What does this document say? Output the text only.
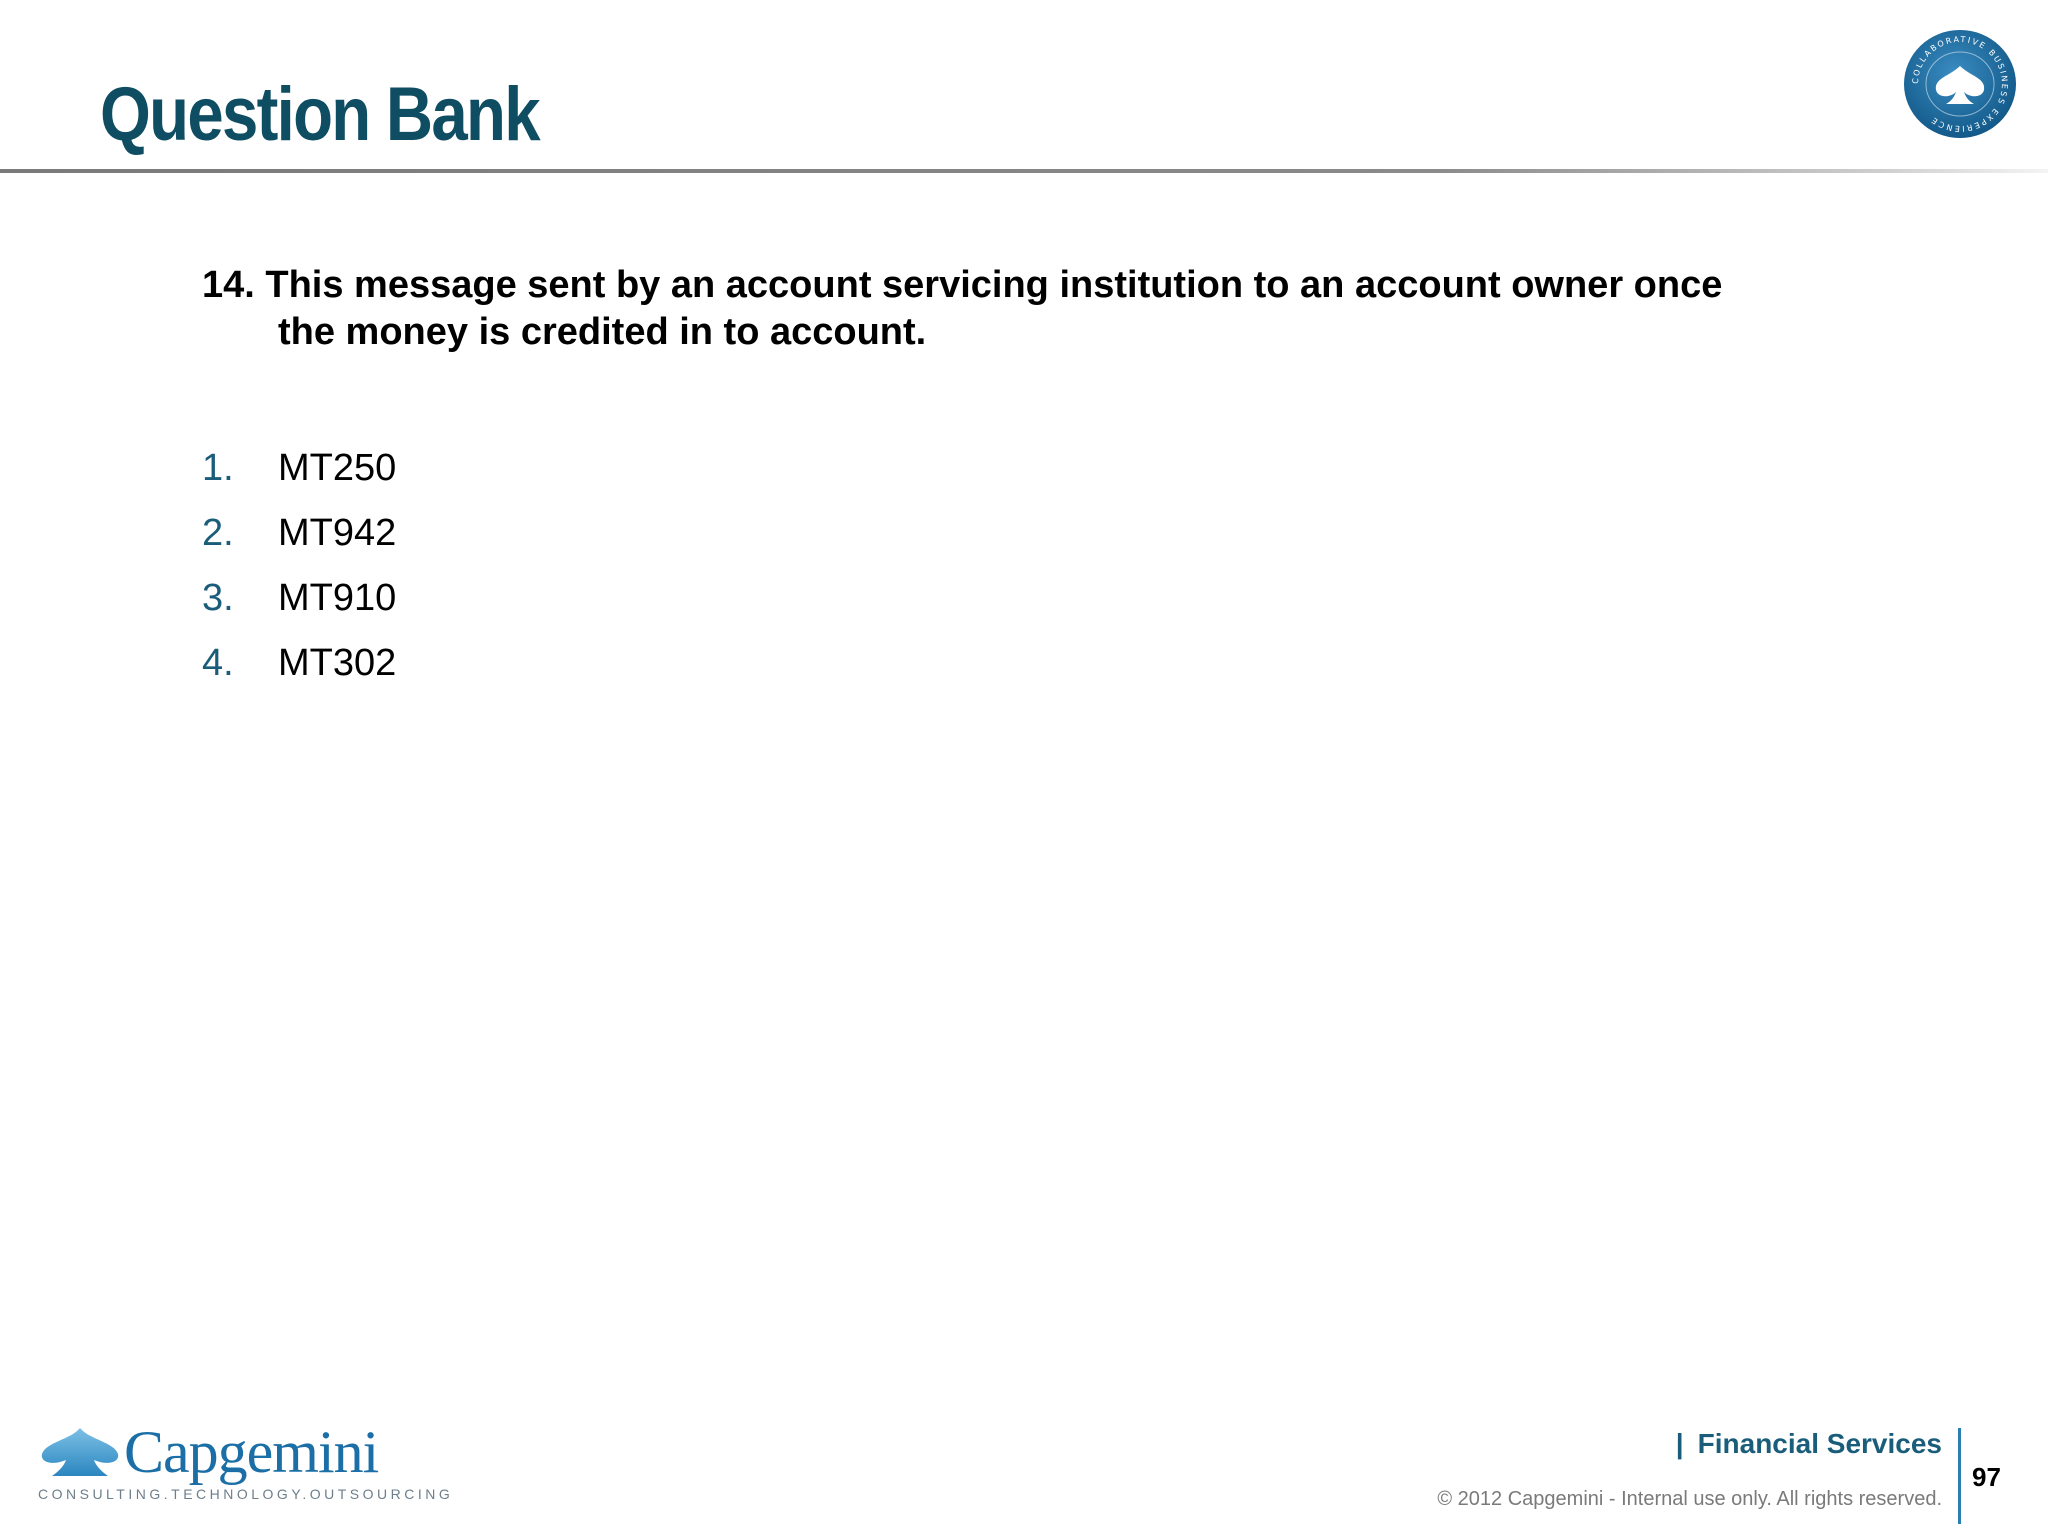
Question Bank	COLLABORATIVE BUSINESS EXPERIENCE
14. This message sent by an account servicing institution to an account owner once
the money is credited in to account.
1.	MT250
2.	MT942
3.	MT910
4.	MT302
Capgemini
CONSULTING.TECHNOLOGY.OUTSOURCING
| Financial Services
© 2012 Capgemini - Internal use only. All rights reserved.
97
